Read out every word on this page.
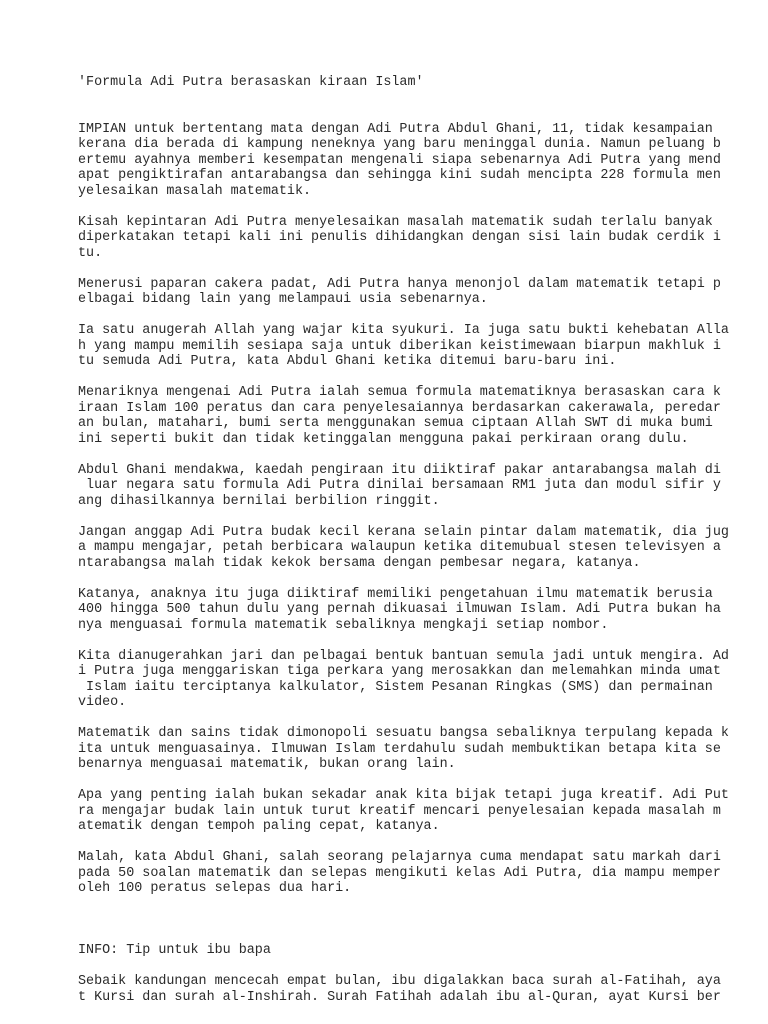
'Formula Adi Putra berasaskan kiraan Islam'
IMPIAN untuk bertentang mata dengan Adi Putra Abdul Ghani, 11, tidak kesampaian
kerana dia berada di kampung neneknya yang baru meninggal dunia. Namun peluang b
ertemu ayahnya memberi kesempatan mengenali siapa sebenarnya Adi Putra yang mend
apat pengiktirafan antarabangsa dan sehingga kini sudah mencipta 228 formula men
yelesaikan masalah matematik.
Kisah kepintaran Adi Putra menyelesaikan masalah matematik sudah terlalu banyak
diperkatakan tetapi kali ini penulis dihidangkan dengan sisi lain budak cerdik i
tu.
Menerusi paparan cakera padat, Adi Putra hanya menonjol dalam matematik tetapi p
elbagai bidang lain yang melampaui usia sebenarnya.
Ia satu anugerah Allah yang wajar kita syukuri. Ia juga satu bukti kehebatan Alla
h yang mampu memilih sesiapa saja untuk diberikan keistimewaan biarpun makhluk i
tu semuda Adi Putra, kata Abdul Ghani ketika ditemui baru-baru ini.
Menariknya mengenai Adi Putra ialah semua formula matematiknya berasaskan cara k
iraan Islam 100 peratus dan cara penyelesaiannya berdasarkan cakerawala, peredar
an bulan, matahari, bumi serta menggunakan semua ciptaan Allah SWT di muka bumi
ini seperti bukit dan tidak ketinggalan mengguna pakai perkiraan orang dulu.
Abdul Ghani mendakwa, kaedah pengiraan itu diiktiraf pakar antarabangsa malah di
luar negara satu formula Adi Putra dinilai bersamaan RM1 juta dan modul sifir y
ang dihasilkannya bernilai berbilion ringgit.
Jangan anggap Adi Putra budak kecil kerana selain pintar dalam matematik, dia jug
a mampu mengajar, petah berbicara walaupun ketika ditemubual stesen televisyen a
ntarabangsa malah tidak kekok bersama dengan pembesar negara, katanya.
Katanya, anaknya itu juga diiktiraf memiliki pengetahuan ilmu matematik berusia
400 hingga 500 tahun dulu yang pernah dikuasai ilmuwan Islam. Adi Putra bukan ha
nya menguasai formula matematik sebaliknya mengkaji setiap nombor.
Kita dianugerahkan jari dan pelbagai bentuk bantuan semula jadi untuk mengira. Ad
i Putra juga menggariskan tiga perkara yang merosakkan dan melemahkan minda umat
Islam iaitu terciptanya kalkulator, Sistem Pesanan Ringkas (SMS) dan permainan
video.
Matematik dan sains tidak dimonopoli sesuatu bangsa sebaliknya terpulang kepada k
ita untuk menguasainya. Ilmuwan Islam terdahulu sudah membuktikan betapa kita se
benarnya menguasai matematik, bukan orang lain.
Apa yang penting ialah bukan sekadar anak kita bijak tetapi juga kreatif. Adi Put
ra mengajar budak lain untuk turut kreatif mencari penyelesaian kepada masalah m
atematik dengan tempoh paling cepat, katanya.
Malah, kata Abdul Ghani, salah seorang pelajarnya cuma mendapat satu markah dari
pada 50 soalan matematik dan selepas mengikuti kelas Adi Putra, dia mampu memper
oleh 100 peratus selepas dua hari.
INFO: Tip untuk ibu bapa
Sebaik kandungan mencecah empat bulan, ibu digalakkan baca surah al-Fatihah, aya
t Kursi dan surah al-Inshirah. Surah Fatihah adalah ibu al-Quran, ayat Kursi ber
